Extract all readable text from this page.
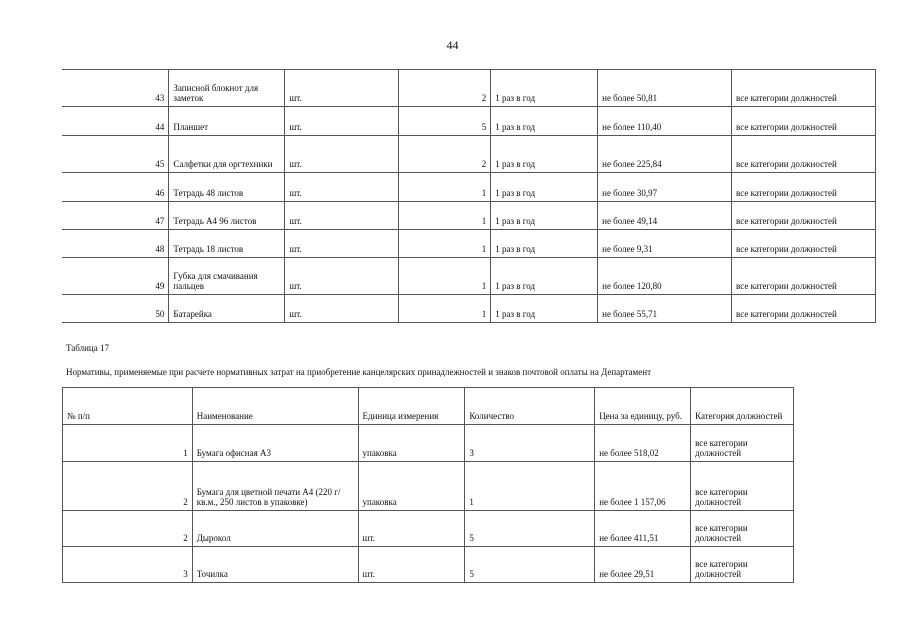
44
43	Записной блокнот для заметок	шт.	2	1 раз в год	не более 50,81	все категории должностей
44	Планшет	шт.	5	1 раз в год	не более 110,40	все категории должностей
45	Салфетки для оргтехники	шт.	2	1 раз в год	не более 225,84	все категории должностей
46	Тетрадь 48 листов	шт.	1	1 раз в год	не более 30,97	все категории должностей
47	Тетрадь А4 96 листов	шт.	1	1 раз в год	не более 49,14	все категории должностей
48	Тетрадь 18 листов	шт.	1	1 раз в год	не более 9,31	все категории должностей
49	Губка для смачивания пальцев	шт.	1	1 раз в год	не более 120,80	все категории должностей
50	Батарейка	шт.	1	1 раз в год	не более 55,71	все категории должностей
Таблица 17
Нормативы, применяемые при расчете нормативных затрат на приобретение канцелярских принадлежностей и знаков почтовой оплаты на Департамент
№ п/п	Наименование	Единица измерения	Количество	Цена за единицу, руб.	Категория должностей
1	Бумага офисная А3	упаковка	3	не более 518,02	все категории должностей
2	Бумага для цветной печати А4 (220 г/кв.м., 250 листов в упаковке)	упаковка	1	не более 1 157,06	все категории должностей
2	Дырокол	шт.	5	не более 411,51	все категории должностей
3	Точилка	шт.	5	не более 29,51	все категории должностей
